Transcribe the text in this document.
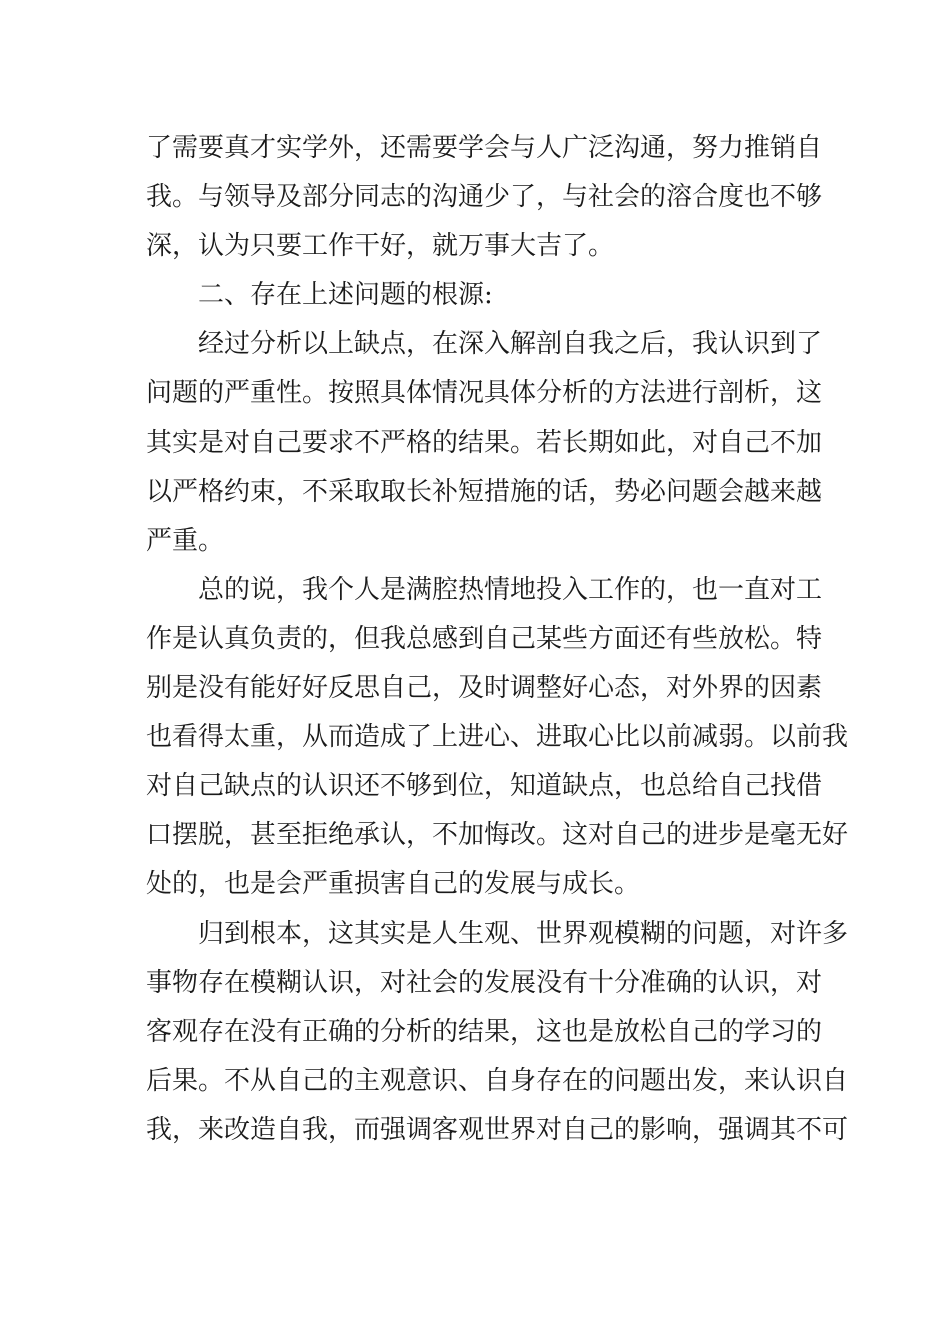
了需要真才实学外，还需要学会与人广泛沟通，努力推销自
我。与领导及部分同志的沟通少了，与社会的溶合度也不够
深，认为只要工作干好，就万事大吉了。
二、存在上述问题的根源:
经过分析以上缺点，在深入解剖自我之后，我认识到了
问题的严重性。按照具体情况具体分析的方法进行剖析，这
其实是对自己要求不严格的结果。若长期如此，对自己不加
以严格约束，不采取取长补短措施的话，势必问题会越来越
严重。
总的说，我个人是满腔热情地投入工作的，也一直对工
作是认真负责的，但我总感到自己某些方面还有些放松。特
别是没有能好好反思自己，及时调整好心态，对外界的因素
也看得太重，从而造成了上进心、进取心比以前减弱。以前我
对自己缺点的认识还不够到位，知道缺点，也总给自己找借
口摆脱，甚至拒绝承认，不加悔改。这对自己的进步是毫无好
处的，也是会严重损害自己的发展与成长。
归到根本，这其实是人生观、世界观模糊的问题，对许多
事物存在模糊认识，对社会的发展没有十分准确的认识，对
客观存在没有正确的分析的结果，这也是放松自己的学习的
后果。不从自己的主观意识、自身存在的问题出发，来认识自
我，来改造自我，而强调客观世界对自己的影响，强调其不可
